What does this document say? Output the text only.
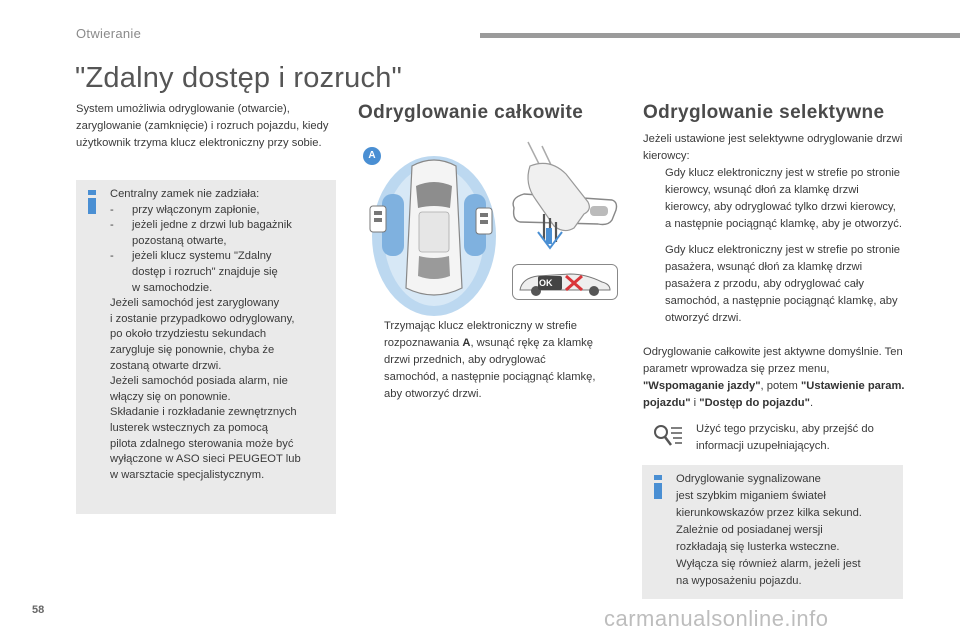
Otwieranie
"Zdalny dostęp i rozruch"
System umożliwia odryglowanie (otwarcie), zaryglowanie (zamknięcie) i rozruch pojazdu, kiedy użytkownik trzyma klucz elektroniczny przy sobie.
Centralny zamek nie zadziała:
- przy włączonym zapłonie,
- jeżeli jedne z drzwi lub bagażnik
pozostaną otwarte,
- jeżeli klucz systemu "Zdalny
dostęp i rozruch" znajduje się
w samochodzie.
Jeżeli samochód jest zaryglowany
i zostanie przypadkowo odryglowany,
po około trzydziestu sekundach
zarygluje się ponownie, chyba że
zostaną otwarte drzwi.
Jeżeli samochód posiada alarm, nie
włączy się on ponownie.
Składanie i rozkładanie zewnętrznych
lusterek wstecznych za pomocą
pilota zdalnego sterowania może być
wyłączone w ASO sieci PEUGEOT lub
w warsztacie specjalistycznym.
Odryglowanie całkowite
A
OK
Trzymając klucz elektroniczny w strefie rozpoznawania A, wsunąć rękę za klamkę drzwi przednich, aby odryglować samochód, a następnie pociągnąć klamkę, aby otworzyć drzwi.
Odryglowanie selektywne
Jeżeli ustawione jest selektywne odryglowanie drzwi kierowcy:
Gdy klucz elektroniczny jest w strefie po stronie kierowcy, wsunąć dłoń za klamkę drzwi kierowcy, aby odryglować tylko drzwi kierowcy, a następnie pociągnąć klamkę, aby je otworzyć.
Gdy klucz elektroniczny jest w strefie po stronie pasażera, wsunąć dłoń za klamkę drzwi pasażera z przodu, aby odryglować cały samochód, a następnie pociągnąć klamkę, aby otworzyć drzwi.
Odryglowanie całkowite jest aktywne domyślnie. Ten parametr wprowadza się przez menu, "Wspomaganie jazdy", potem "Ustawienie param. pojazdu" i "Dostęp do pojazdu".
Użyć tego przycisku, aby przejść do informacji uzupełniających.
Odryglowanie sygnalizowane
jest szybkim miganiem świateł
kierunkowskazów przez kilka sekund.
Zależnie od posiadanej wersji
rozkładają się lusterka wsteczne.
Wyłącza się również alarm, jeżeli jest
na wyposażeniu pojazdu.
58	carmanualsonline.info
